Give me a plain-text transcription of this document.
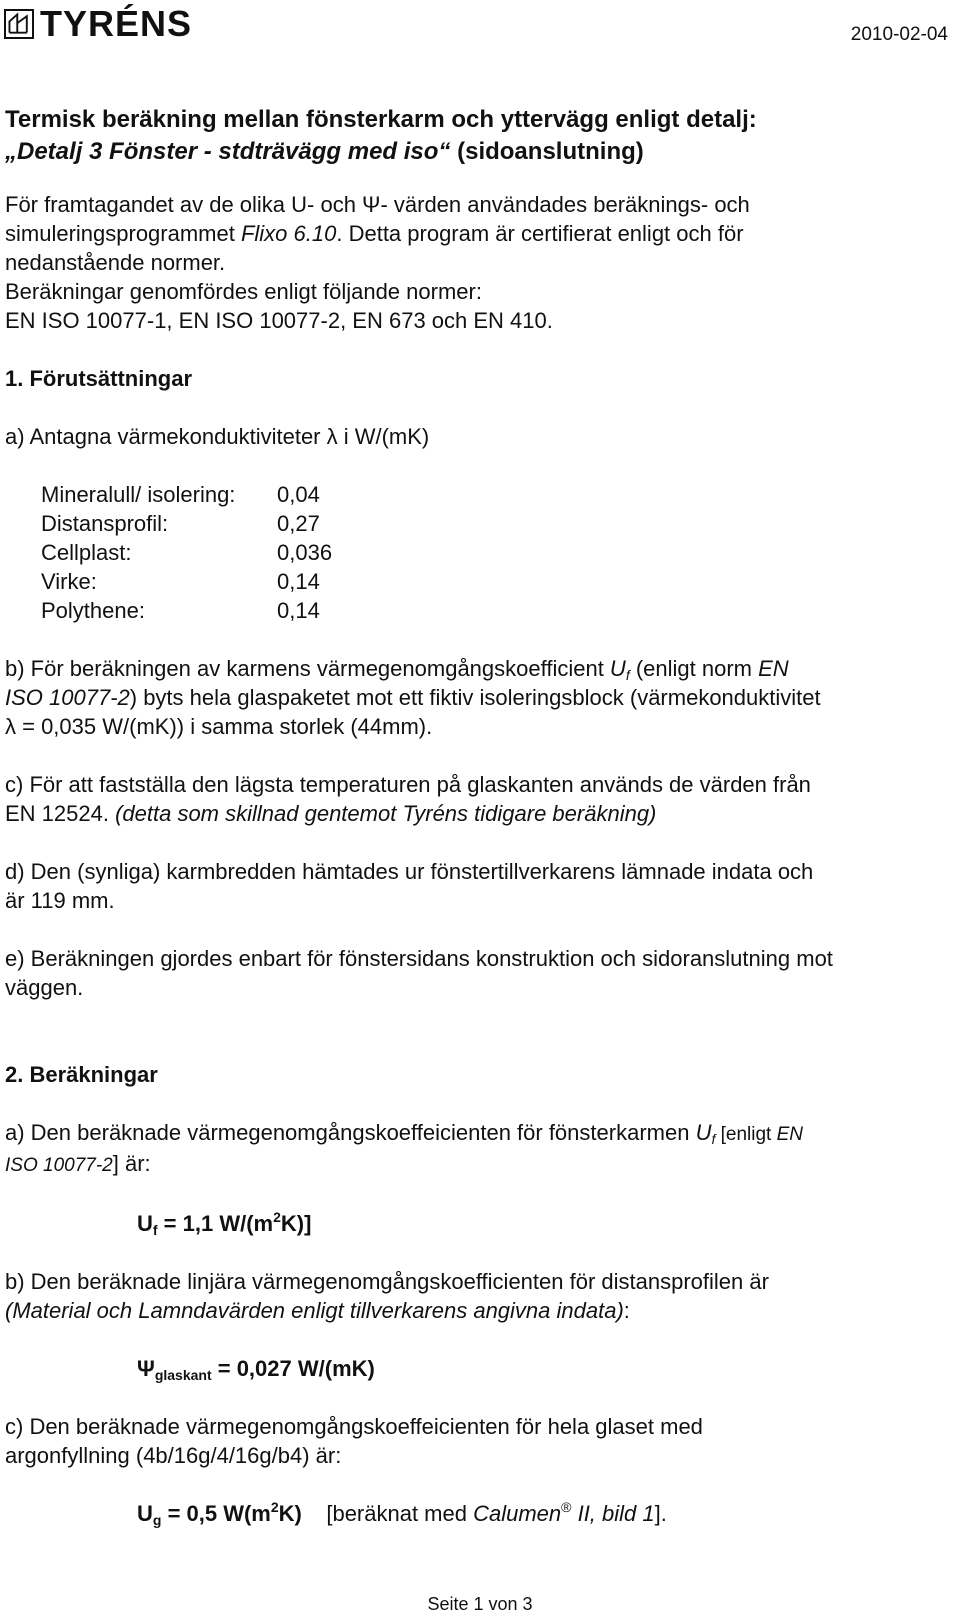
TYRÉNS	2010-02-04

Termisk beräkning mellan fönsterkarm och yttervägg enligt detalj:

„Detalj 3 Fönster - stdträvägg med iso“ (sidoanslutning)

För framtagandet av de olika U- och Ψ- värden användades beräknings- och

simuleringsprogrammet Flixo 6.10. Detta program är certifierat enligt och för

nedanstående normer.

Beräkningar genomfördes enligt följande normer:

EN ISO 10077-1, EN ISO 10077-2, EN 673 och EN 410.

1. Förutsättningar

a) Antagna värmekonduktiviteter λ i W/(mK)

Mineralull/ isolering:	0,04
Distansprofil:	0,27
Cellplast:	0,036
Virke:	0,14
Polythene:	0,14

b) För beräkningen av karmens värmegenomgångskoefficient $U_f$ (enligt norm EN

ISO 10077-2) byts hela glaspaketet mot ett fiktiv isoleringsblock (värmekonduktivitet

λ = 0,035 W/(mK)) i samma storlek (44mm).

c) För att fastställa den lägsta temperaturen på glaskanten används de värden från

EN 12524. (detta som skillnad gentemot Tyréns tidigare beräkning)

d) Den (synliga) karmbredden hämtades ur fönstertillverkarens lämnade indata och

är 119 mm.

e) Beräkningen gjordes enbart för fönstersidans konstruktion och sidoranslutning mot

väggen.

2. Beräkningar

a) Den beräknade värmegenomgångskoeffeicienten för fönsterkarmen $U_f$ [enligt EN

ISO 10077-2] är:

$U_f = 1,1$ $W/(m^2K)$]

b) Den beräknade linjära värmegenomgångskoefficienten för distansprofilen är

(Material och Lamndavärden enligt tillverkarens angivna indata):

$\Psi_{glaskant} = 0,027$ W/(mK)

c) Den beräknade värmegenomgångskoeffeicienten för hela glaset med

argonfyllning (4b/16g/4/16g/b4) är:

$U_g = 0,5$ $W(m^2K)$    [beräknat med Calumen® II, bild 1].

Seite 1 von 3
